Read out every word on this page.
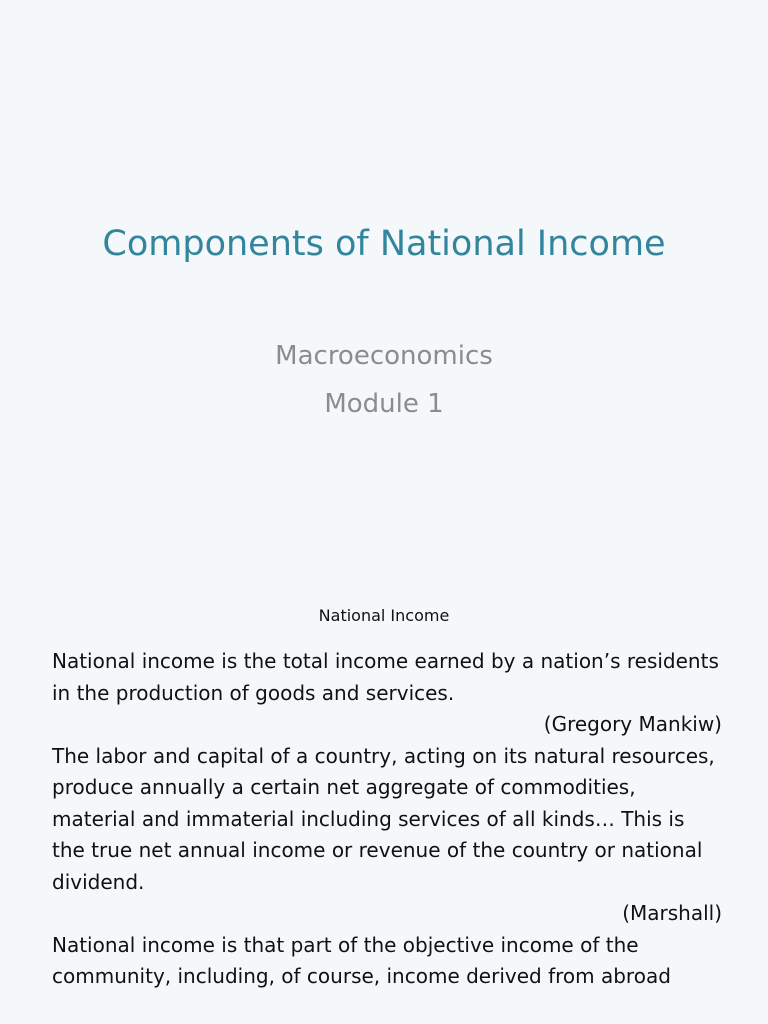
Components of National Income
Macroeconomics
Module 1
National Income

National income is the total income earned by a nation’s residents in the production of goods and services.

(Gregory Mankiw)

The labor and capital of a country, acting on its natural resources, produce annually a certain net aggregate of commodities, material and immaterial including services of all kinds… This is the true net annual income or revenue of the country or national dividend.

(Marshall)

National income is that part of the objective income of the community, including, of course, income derived from abroad
